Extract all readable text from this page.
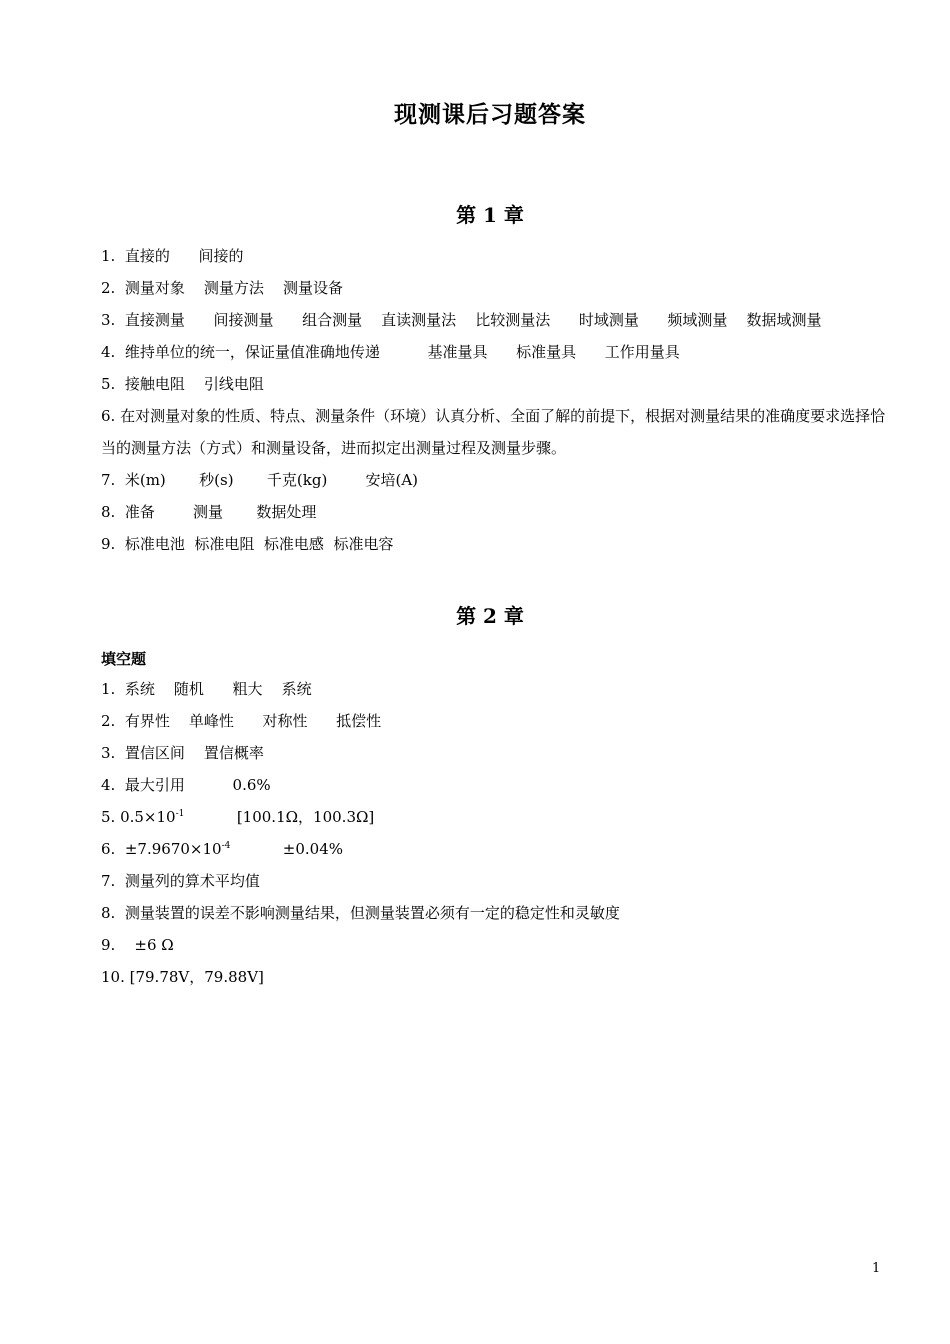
现测课后习题答案
第 1 章
1.  直接的      间接的
2.  测量对象    测量方法    测量设备
3.  直接测量      间接测量      组合测量    直读测量法    比较测量法      时域测量      频域测量    数据域测量
4.  维持单位的统一，保证量值准确地传递          基准量具      标准量具      工作用量具
5.  接触电阻    引线电阻
6. 在对测量对象的性质、特点、测量条件（环境）认真分析、全面了解的前提下，根据对测量结果的准确度要求选择恰当的测量方法（方式）和测量设备，进而拟定出测量过程及测量步骤。
7.  米(m)       秒(s)       千克(kg)        安培(A)
8.  准备        测量       数据处理
9.  标准电池  标准电阻  标准电感  标准电容
第 2 章

填空题

1.  系统    随机      粗大    系统
2.  有界性    单峰性      对称性      抵偿性
3.  置信区间    置信概率
4.  最大引用          0.6%
5. $0.5\times 10^{-1}$           [100.1Ω，100.3Ω]
6.  $\pm 7.9670\times 10^{-4}$           ±0.04%
7.  测量列的算术平均值
8.  测量装置的误差不影响测量结果，但测量装置必须有一定的稳定性和灵敏度
9.    ±6 Ω
10. [79.78V，79.88V]

1
